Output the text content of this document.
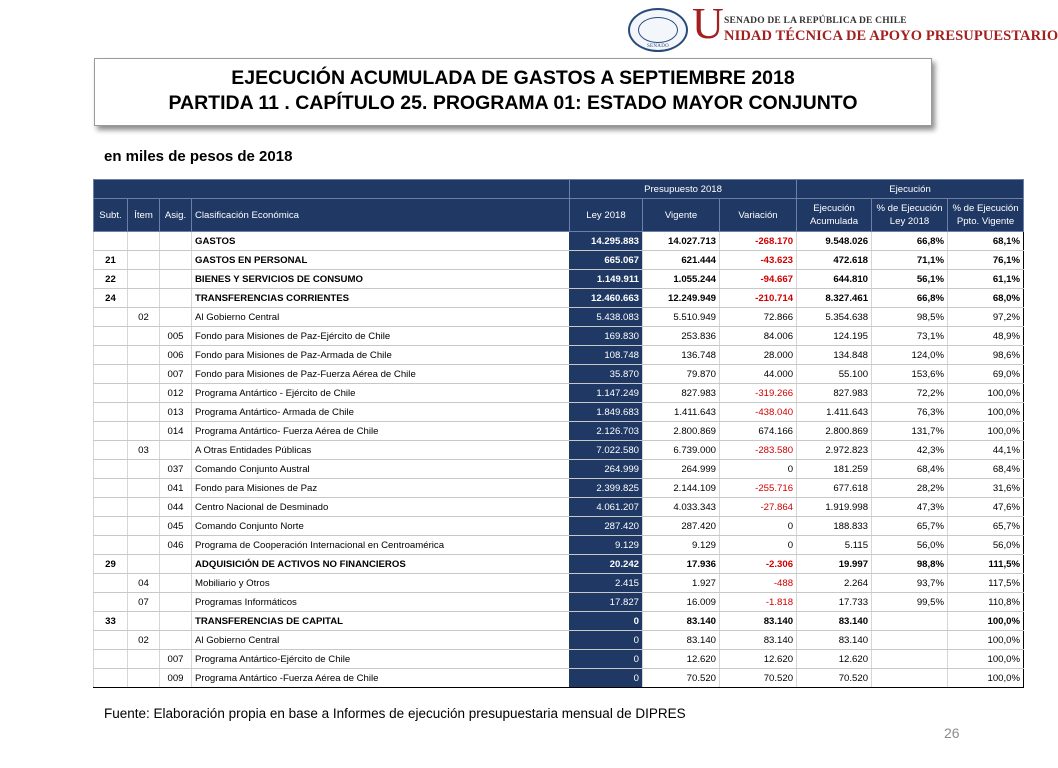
SENADO U SENADO DE LA REPÚBLICA DE CHILE
NIDAD TÉCNICA DE APOYO PRESUPUESTARIO
EJECUCIÓN ACUMULADA DE GASTOS A SEPTIEMBRE 2018
PARTIDA 11 . CAPÍTULO 25. PROGRAMA 01: ESTADO MAYOR CONJUNTO
en miles de pesos de 2018
				Presupuesto 2018			Ejecución		
Subt.	Ítem	Asig.	Clasificación Económica	Ley 2018	Vigente	Variación	Ejecución Acumulada	% de Ejecución Ley 2018	% de Ejecución Ppto. Vigente
			GASTOS	14.295.883	14.027.713	-268.170	9.548.026	66,8%	68,1%
21			GASTOS EN PERSONAL	665.067	621.444	-43.623	472.618	71,1%	76,1%
22			BIENES Y SERVICIOS DE CONSUMO	1.149.911	1.055.244	-94.667	644.810	56,1%	61,1%
24			TRANSFERENCIAS CORRIENTES	12.460.663	12.249.949	-210.714	8.327.461	66,8%	68,0%
	02		Al Gobierno Central	5.438.083	5.510.949	72.866	5.354.638	98,5%	97,2%
		005	Fondo para Misiones de Paz-Ejército de Chile	169.830	253.836	84.006	124.195	73,1%	48,9%
		006	Fondo para Misiones de Paz-Armada de Chile	108.748	136.748	28.000	134.848	124,0%	98,6%
		007	Fondo para Misiones de Paz-Fuerza Aérea de Chile	35.870	79.870	44.000	55.100	153,6%	69,0%
		012	Programa Antártico - Ejército de Chile	1.147.249	827.983	-319.266	827.983	72,2%	100,0%
		013	Programa Antártico- Armada de Chile	1.849.683	1.411.643	-438.040	1.411.643	76,3%	100,0%
		014	Programa Antártico- Fuerza Aérea de Chile	2.126.703	2.800.869	674.166	2.800.869	131,7%	100,0%
	03		A Otras Entidades Públicas	7.022.580	6.739.000	-283.580	2.972.823	42,3%	44,1%
		037	Comando Conjunto Austral	264.999	264.999	0	181.259	68,4%	68,4%
		041	Fondo para Misiones de Paz	2.399.825	2.144.109	-255.716	677.618	28,2%	31,6%
		044	Centro Nacional de Desminado	4.061.207	4.033.343	-27.864	1.919.998	47,3%	47,6%
		045	Comando Conjunto Norte	287.420	287.420	0	188.833	65,7%	65,7%
		046	Programa de Cooperación Internacional en Centroamérica	9.129	9.129	0	5.115	56,0%	56,0%
29			ADQUISICIÓN DE ACTIVOS NO FINANCIEROS	20.242	17.936	-2.306	19.997	98,8%	111,5%
	04		Mobiliario y Otros	2.415	1.927	-488	2.264	93,7%	117,5%
	07		Programas Informáticos	17.827	16.009	-1.818	17.733	99,5%	110,8%
33			TRANSFERENCIAS DE CAPITAL	0	83.140	83.140	83.140		100,0%
	02		Al Gobierno Central	0	83.140	83.140	83.140		100,0%
		007	Programa Antártico-Ejército de Chile	0	12.620	12.620	12.620		100,0%
		009	Programa Antártico -Fuerza Aérea de Chile	0	70.520	70.520	70.520		100,0%
Fuente: Elaboración propia en base a Informes de ejecución presupuestaria mensual de DIPRES
26
